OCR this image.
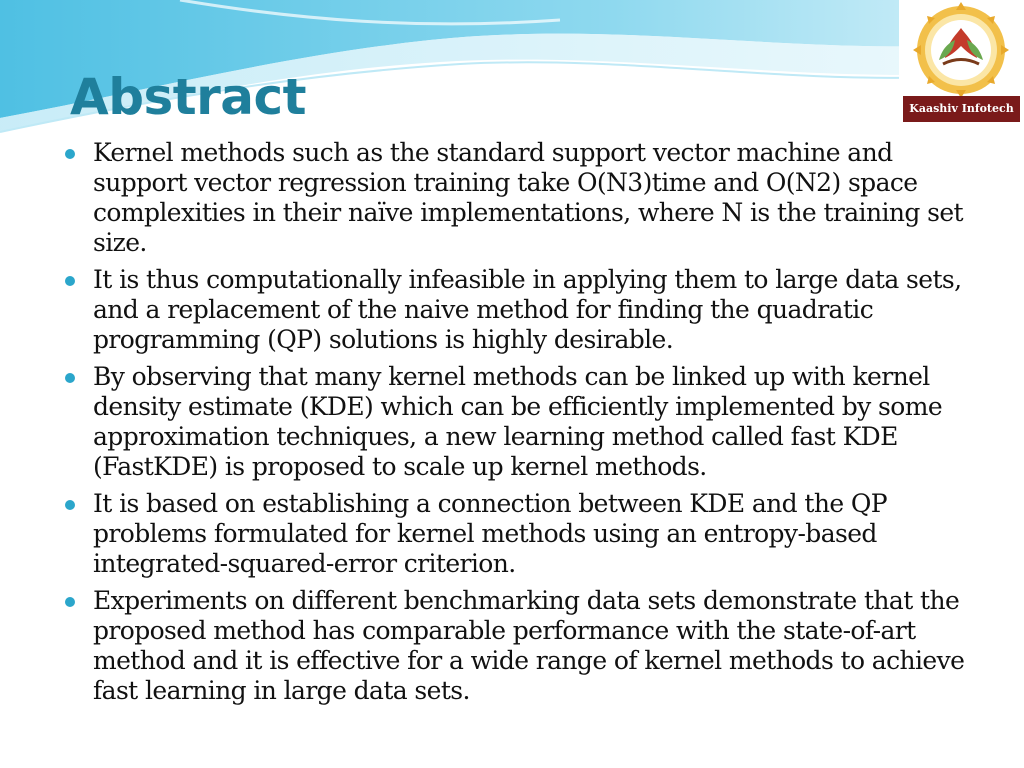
Abstract	Kaashiv Infotech
Kernel methods such as the standard support vector machine and support vector regression training take O(N3)time and O(N2) space complexities in their naïve implementations, where N is the training set size.
It is thus computationally infeasible in applying them to large data sets, and a replacement of the naive method for finding the quadratic programming (QP) solutions is highly desirable.
By observing that many kernel methods can be linked up with kernel density estimate (KDE) which can be efficiently implemented by some approximation techniques, a new learning method called fast KDE (FastKDE) is proposed to scale up kernel methods.
It is based on establishing a connection between KDE and the QP problems formulated for kernel methods using an entropy-based integrated-squared-error criterion.
Experiments on different benchmarking data sets demonstrate that the proposed method has comparable performance with the state-of-art method and it is effective for a wide range of kernel methods to achieve fast learning in large data sets.
